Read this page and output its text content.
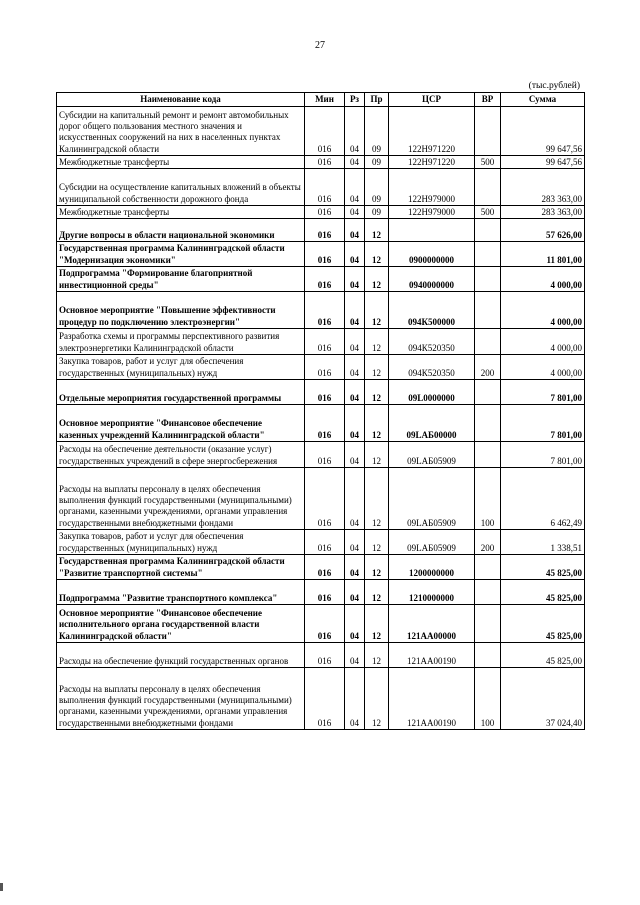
27
(тыс.рублей)
Наименование кода	Мин	Рз	Пр	ЦСР	ВР	Сумма
Субсидии на капитальный ремонт и ремонт автомобильных дорог общего пользования местного значения и искусственных сооружений на них в населенных пунктах Калининградской области	016	04	09	122Н971220		99 647,56
Межбюджетные трансферты	016	04	09	122Н971220	500	99 647,56
Субсидии на осуществление капитальных вложений в объекты муниципальной собственности дорожного фонда	016	04	09	122Н979000		283 363,00
Межбюджетные трансферты	016	04	09	122Н979000	500	283 363,00
Другие вопросы в области национальной экономики	016	04	12			57 626,00
Государственная программа Калининградской области "Модернизация экономики"	016	04	12	0900000000		11 801,00
Подпрограмма "Формирование благоприятной инвестиционной среды"	016	04	12	0940000000		4 000,00
Основное мероприятие "Повышение эффективности процедур по подключению электроэнергии"	016	04	12	094К500000		4 000,00
Разработка схемы и программы перспективного развития электроэнергетики Калининградской области	016	04	12	094К520350		4 000,00
Закупка товаров, работ и услуг для обеспечения государственных (муниципальных) нужд	016	04	12	094К520350	200	4 000,00
Отдельные мероприятия государственной программы	016	04	12	09L0000000		7 801,00
Основное мероприятие "Финансовое обеспечение казенных учреждений Калининградской области"	016	04	12	09LАБ00000		7 801,00
Расходы на обеспечение деятельности (оказание услуг) государственных учреждений в сфере энергосбережения	016	04	12	09LАБ05909		7 801,00
Расходы на выплаты персоналу в целях обеспечения выполнения функций государственными (муниципальными) органами, казенными учреждениями, органами управления государственными внебюджетными фондами	016	04	12	09LАБ05909	100	6 462,49
Закупка товаров, работ и услуг для обеспечения государственных (муниципальных) нужд	016	04	12	09LАБ05909	200	1 338,51
Государственная программа Калининградской области "Развитие транспортной системы"	016	04	12	1200000000		45 825,00
Подпрограмма "Развитие транспортного комплекса"	016	04	12	1210000000		45 825,00
Основное мероприятие "Финансовое обеспечение исполнительного органа государственной власти Калининградской области"	016	04	12	121АА00000		45 825,00
Расходы на обеспечение функций государственных органов	016	04	12	121АА00190		45 825,00
Расходы на выплаты персоналу в целях обеспечения выполнения функций государственными (муниципальными) органами, казенными учреждениями, органами управления государственными внебюджетными фондами	016	04	12	121АА00190	100	37 024,40
